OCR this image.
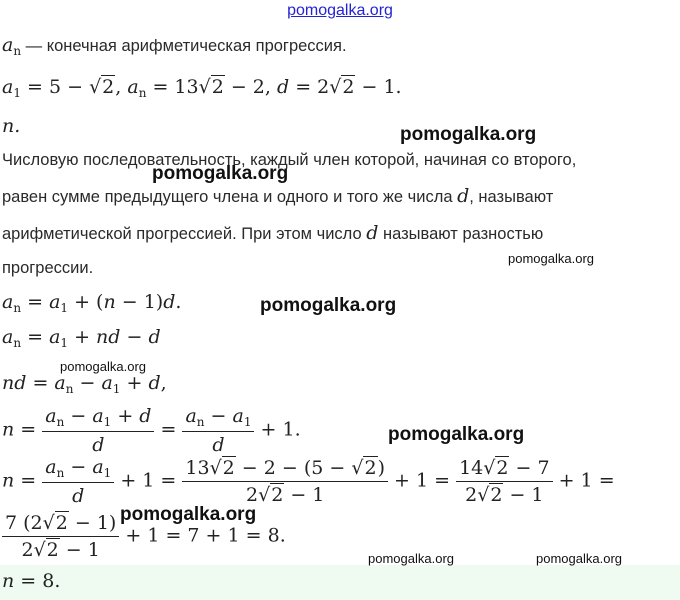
pomogalka.org
$a_n$ — конечная арифметическая прогрессия.
$a_1 = 5 - √2$, $a_n = 13√2 - 2$, d = 2√2 − 1.
n.
Числовую последовательность, каждый член которой, начиная со второго,
равен сумме предыдущего члена и одного и того же числа d, называют
арифметической прогрессией. При этом число d называют разностью
прогрессии.
$a_n = a_1 + (n - 1)d$.
$a_n = a_1$ + nd − d
nd = $a_n - a_1 + d$,
$n = \frac{a_n - a_1 + d}{d} = \frac{a_n - a_1}{d} + 1$.
$n = \frac{a_n - a_1}{d} + 1 = \frac{13√2 - 2 - (5 - √2)}{2√2 - 1} + 1 = \frac{14√2 - 7}{2√2 - 1} + 1$ =
$\frac{7 (2√2 - 1)}{2√2 - 1} + 1 = 7 + 1 = 8$.
n = 8.
pomogalka.org
pomogalka.org
pomogalka.org
pomogalka.org
pomogalka.org
pomogalka.org
pomogalka.org
pomogalka.org	pomogalka.org
